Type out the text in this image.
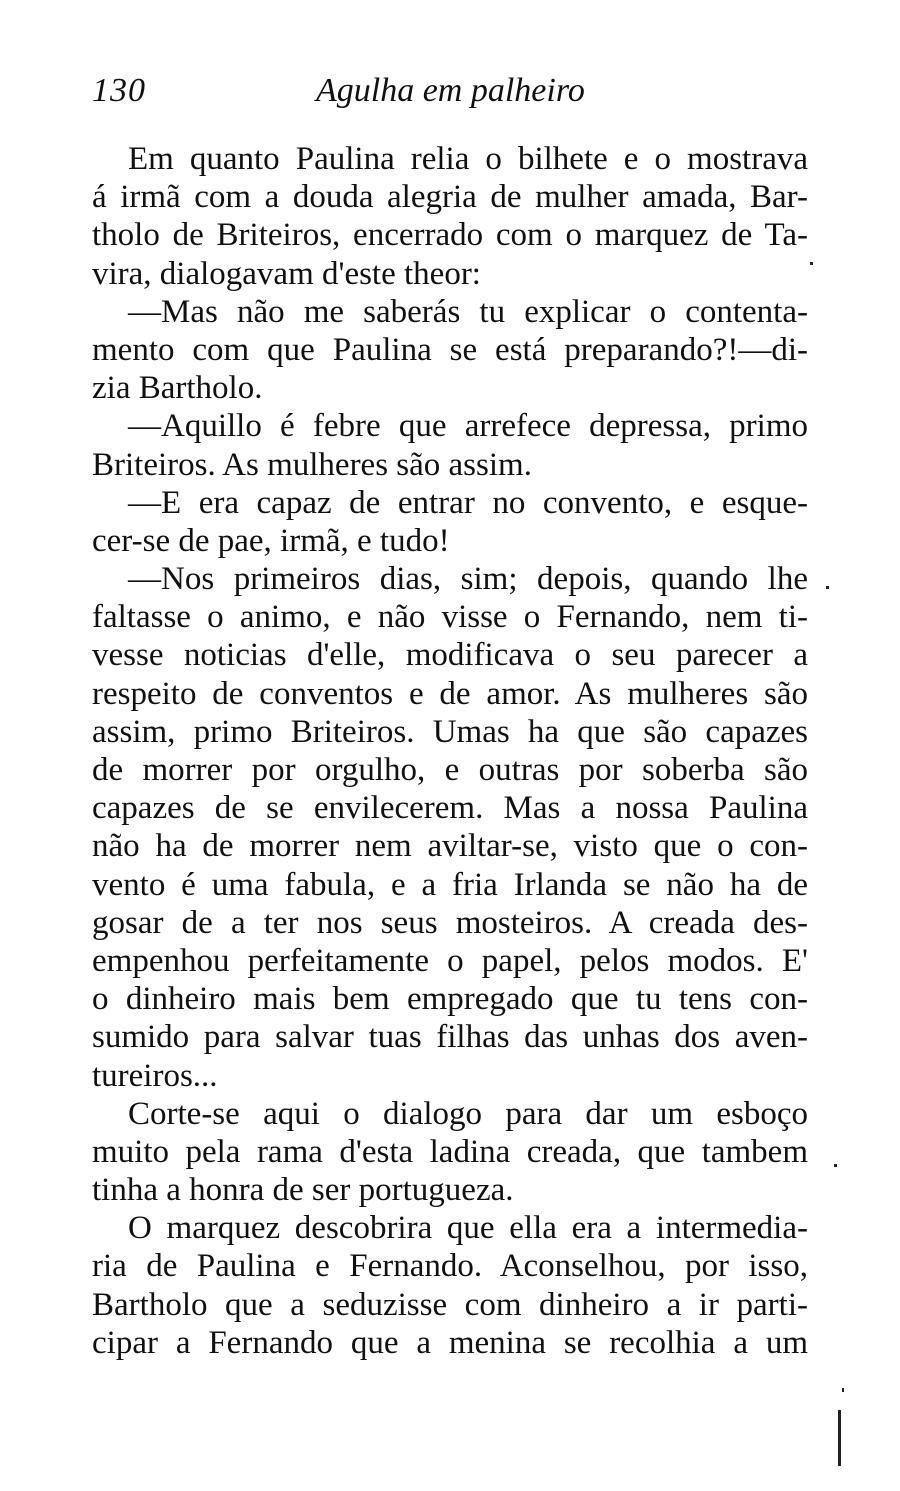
130	Agulha em palheiro
Em quanto Paulina relia o bilhete e o mostrava
á irmã com a douda alegria de mulher amada, Bar-
tholo de Briteiros, encerrado com o marquez de Ta-
vira, dialogavam d'este theor:
—Mas não me saberás tu explicar o contenta-
mento com que Paulina se está preparando?!—di-
zia Bartholo.
—Aquillo é febre que arrefece depressa, primo
Briteiros. As mulheres são assim.
—E era capaz de entrar no convento, e esque-
cer-se de pae, irmã, e tudo!
—Nos primeiros dias, sim; depois, quando lhe
faltasse o animo, e não visse o Fernando, nem ti-
vesse noticias d'elle, modificava o seu parecer a
respeito de conventos e de amor. As mulheres são
assim, primo Briteiros. Umas ha que são capazes
de morrer por orgulho, e outras por soberba são
capazes de se envilecerem. Mas a nossa Paulina
não ha de morrer nem aviltar-se, visto que o con-
vento é uma fabula, e a fria Irlanda se não ha de
gosar de a ter nos seus mosteiros. A creada des-
empenhou perfeitamente o papel, pelos modos. E'
o dinheiro mais bem empregado que tu tens con-
sumido para salvar tuas filhas das unhas dos aven-
tureiros...
Corte-se aqui o dialogo para dar um esboço
muito pela rama d'esta ladina creada, que tambem
tinha a honra de ser portugueza.
O marquez descobrira que ella era a intermedia-
ria de Paulina e Fernando. Aconselhou, por isso,
Bartholo que a seduzisse com dinheiro a ir parti-
cipar a Fernando que a menina se recolhia a um
